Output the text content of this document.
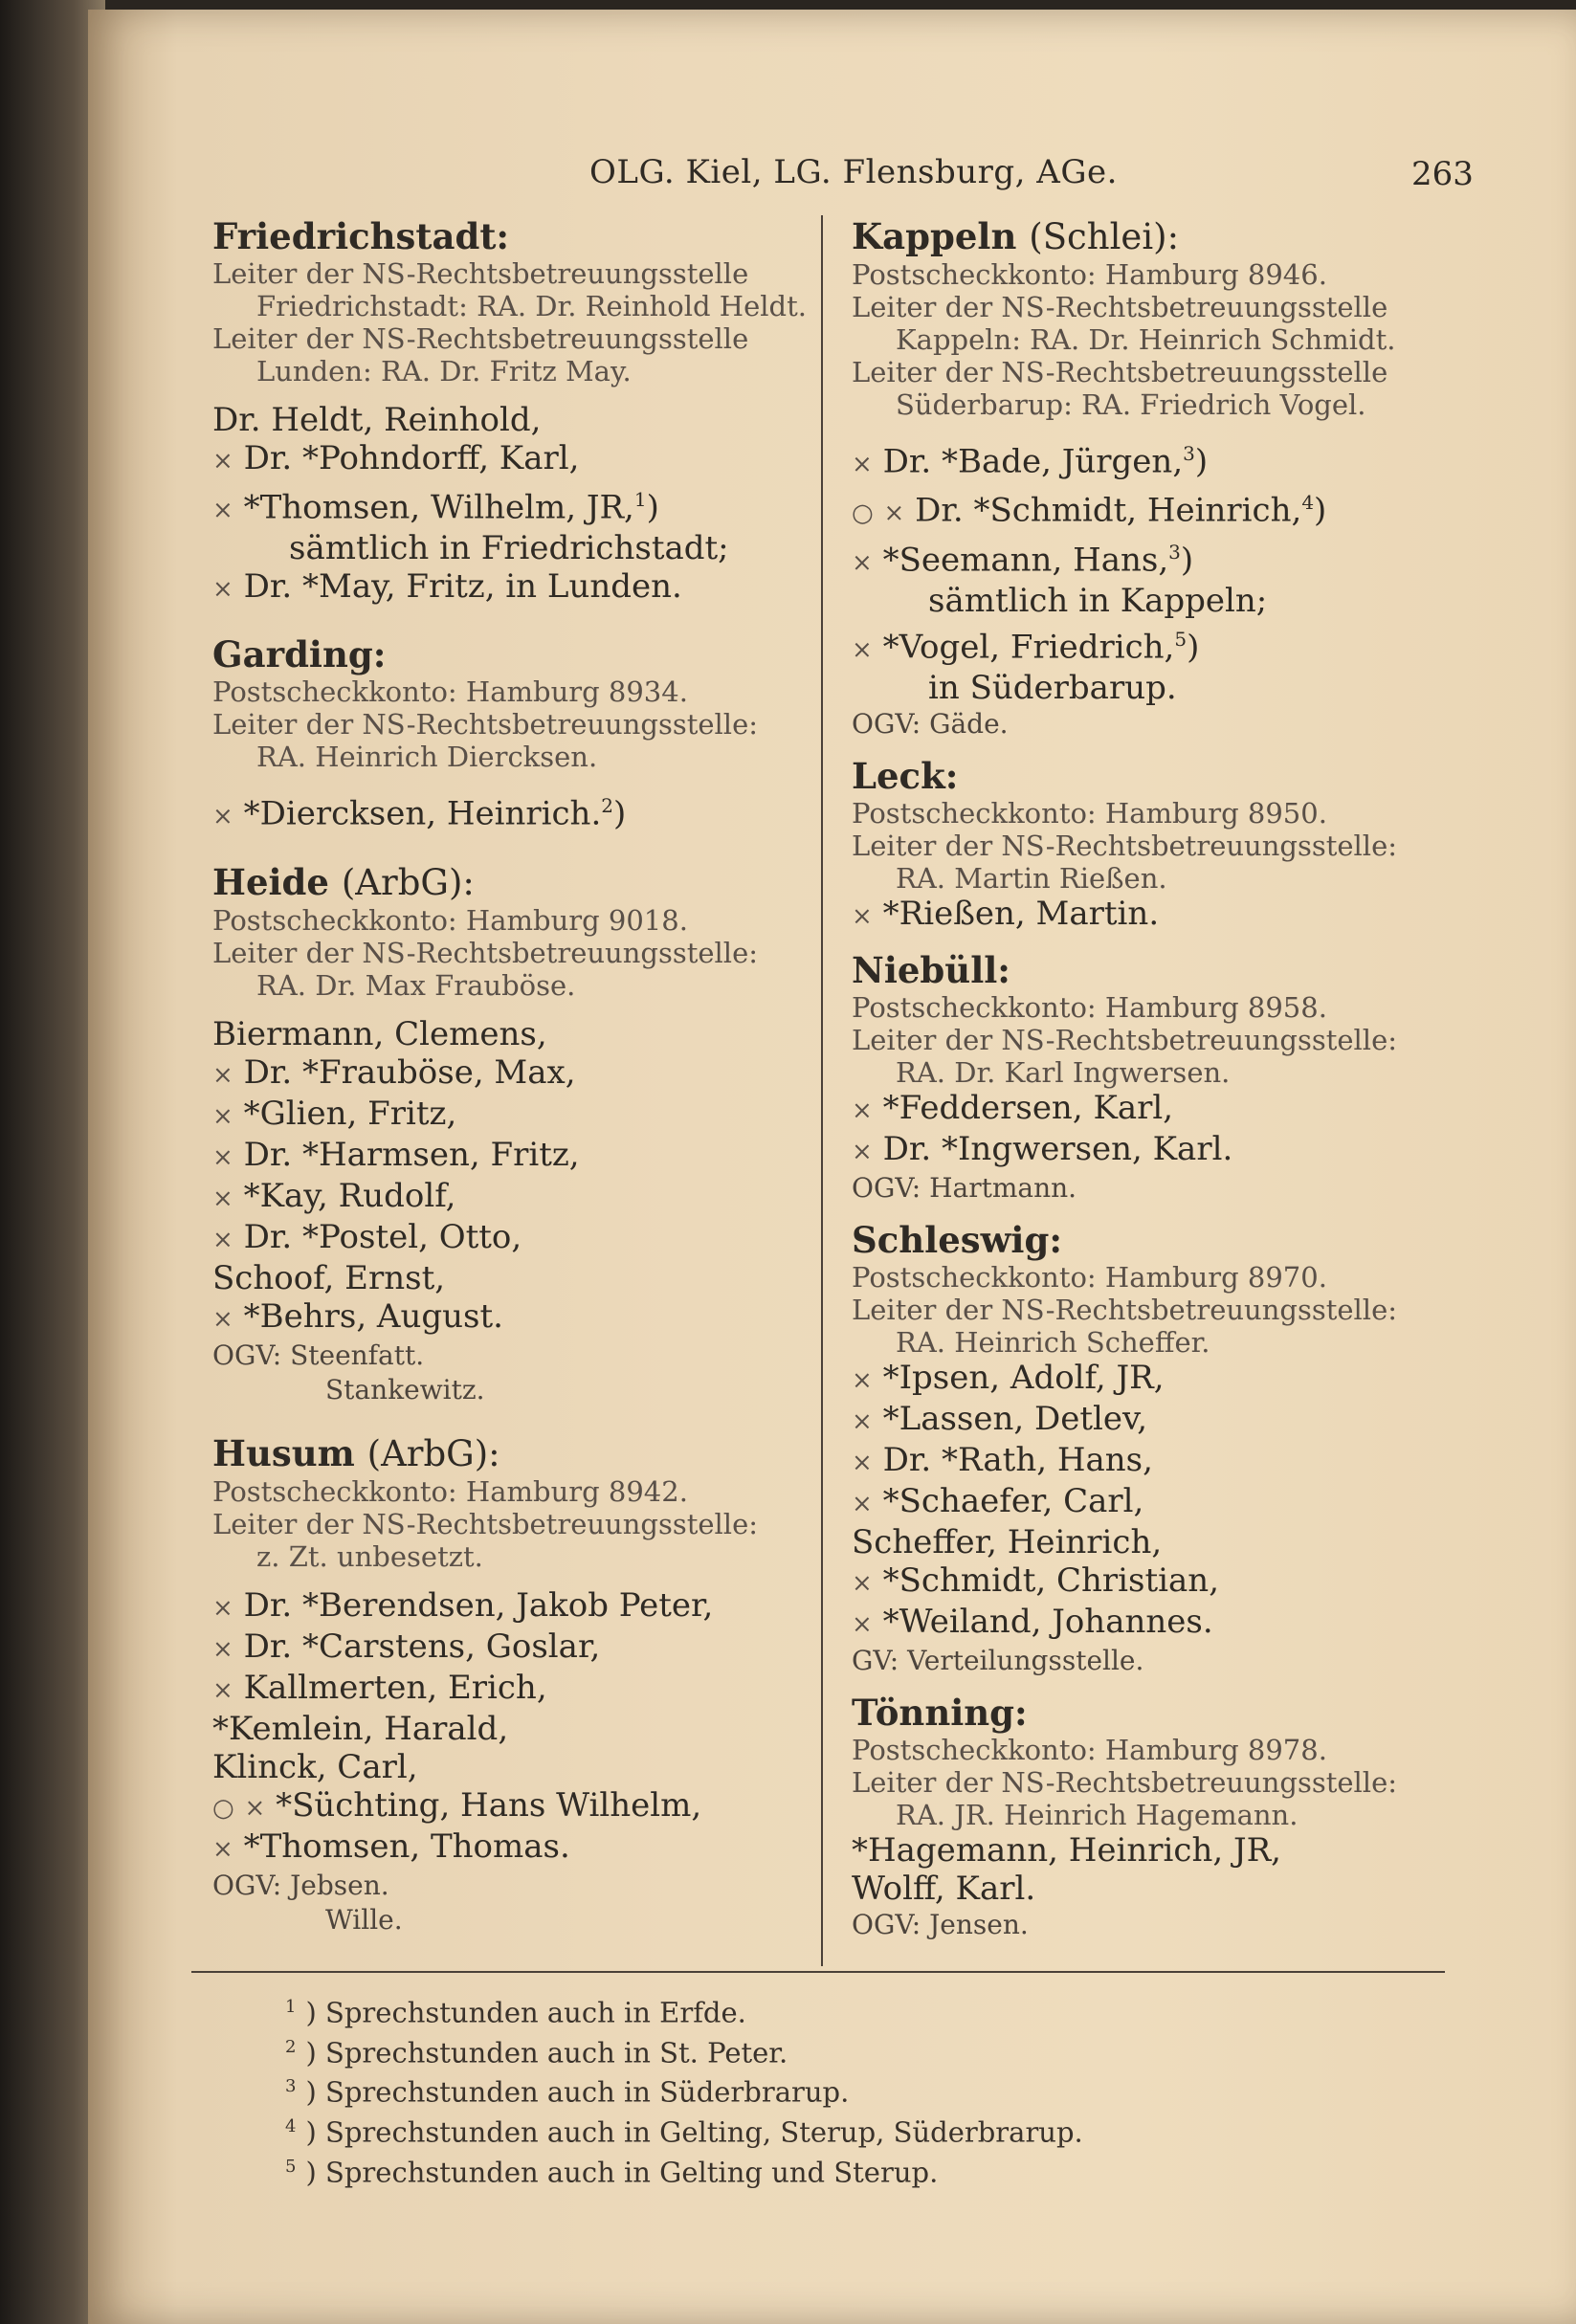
OLG. Kiel, LG. Flensburg, AGe.	263
Friedrichstadt:
Leiter der NS-Rechtsbetreuungsstelle
Friedrichstadt: RA. Dr. Reinhold Heldt.
Leiter der NS-Rechtsbetreuungsstelle
Lunden: RA. Dr. Fritz May.
Dr. Heldt, Reinhold,
× Dr. *Pohndorff, Karl,
× *Thomsen, Wilhelm, JR,$^1$)
sämtlich in Friedrichstadt;
× Dr. *May, Fritz, in Lunden.
Garding:
Postscheckkonto: Hamburg 8934.
Leiter der NS-Rechtsbetreuungsstelle:
RA. Heinrich Diercksen.
× *Diercksen, Heinrich.$^2$)
Heide (ArbG):
Postscheckkonto: Hamburg 9018.
Leiter der NS-Rechtsbetreuungsstelle:
RA. Dr. Max Frauböse.
Biermann, Clemens,
× Dr. *Frauböse, Max,
× *Glien, Fritz,
× Dr. *Harmsen, Fritz,
× *Kay, Rudolf,
× Dr. *Postel, Otto,
Schoof, Ernst,
× *Behrs, August.
OGV: Steenfatt.
Stankewitz.
Husum (ArbG):
Postscheckkonto: Hamburg 8942.
Leiter der NS-Rechtsbetreuungsstelle:
z. Zt. unbesetzt.
× Dr. *Berendsen, Jakob Peter,
× Dr. *Carstens, Goslar,
× Kallmerten, Erich,
*Kemlein, Harald,
Klinck, Carl,
○ × *Süchting, Hans Wilhelm,
× *Thomsen, Thomas.
OGV: Jebsen.
Wille.
Kappeln (Schlei):
Postscheckkonto: Hamburg 8946.
Leiter der NS-Rechtsbetreuungsstelle
Kappeln: RA. Dr. Heinrich Schmidt.
Leiter der NS-Rechtsbetreuungsstelle
Süderbarup: RA. Friedrich Vogel.
× Dr. *Bade, Jürgen,$^3$)
○ × Dr. *Schmidt, Heinrich,$^4$)
× *Seemann, Hans,$^3$)
sämtlich in Kappeln;
× *Vogel, Friedrich,$^5$)
in Süderbarup.
OGV: Gäde.
Leck:
Postscheckkonto: Hamburg 8950.
Leiter der NS-Rechtsbetreuungsstelle:
RA. Martin Rießen.
× *Rießen, Martin.
Niebüll:
Postscheckkonto: Hamburg 8958.
Leiter der NS-Rechtsbetreuungsstelle:
RA. Dr. Karl Ingwersen.
× *Feddersen, Karl,
× Dr. *Ingwersen, Karl.
OGV: Hartmann.
Schleswig:
Postscheckkonto: Hamburg 8970.
Leiter der NS-Rechtsbetreuungsstelle:
RA. Heinrich Scheffer.
× *Ipsen, Adolf, JR,
× *Lassen, Detlev,
× Dr. *Rath, Hans,
× *Schaefer, Carl,
Scheffer, Heinrich,
× *Schmidt, Christian,
× *Weiland, Johannes.
GV: Verteilungsstelle.
Tönning:
Postscheckkonto: Hamburg 8978.
Leiter der NS-Rechtsbetreuungsstelle:
RA. JR. Heinrich Hagemann.
*Hagemann, Heinrich, JR,
Wolff, Karl.
OGV: Jensen.
$^1$ ) Sprechstunden auch in Erfde.
$^2$ ) Sprechstunden auch in St. Peter.
$^3$ ) Sprechstunden auch in Süderbrarup.
$^4$ ) Sprechstunden auch in Gelting, Sterup, Süderbrarup.
$^5$ ) Sprechstunden auch in Gelting und Sterup.
